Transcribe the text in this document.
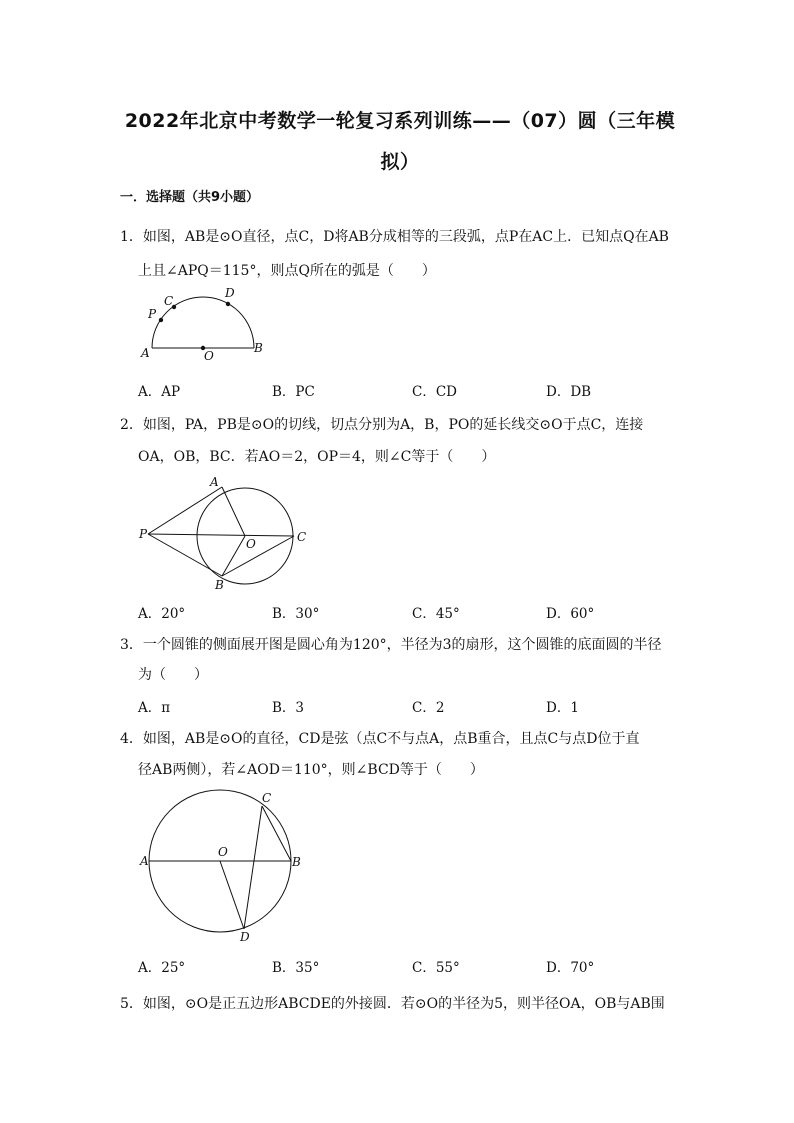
2022年北京中考数学一轮复习系列训练——（07）圆（三年模
拟）
一．选择题（共9小题）
1．如图，AB是⊙O直径，点C，D将AB分成相等的三段弧，点P在AC上．已知点Q在AB
上且∠APQ＝115°，则点Q所在的弧是（　　）
A	B
O
P
C
D
A．AP	B．PC	C．CD	D．DB
2．如图，PA，PB是⊙O的切线，切点分别为A，B，PO的延长线交⊙O于点C，连接
OA，OB，BC．若AO＝2，OP＝4，则∠C等于（　　）
A
P
O	C
B
A．20°	B．30°	C．45°	D．60°
3．一个圆锥的侧面展开图是圆心角为120°，半径为3的扇形，这个圆锥的底面圆的半径
为（　　）
A．π	B．3	C．2	D．1
4．如图，AB是⊙O的直径，CD是弦（点C不与点A，点B重合，且点C与点D位于直
径AB两侧），若∠AOD＝110°，则∠BCD等于（　　）
C
A
O
B
D
A．25°	B．35°	C．55°	D．70°
5．如图，⊙O是正五边形ABCDE的外接圆．若⊙O的半径为5，则半径OA，OB与AB围
